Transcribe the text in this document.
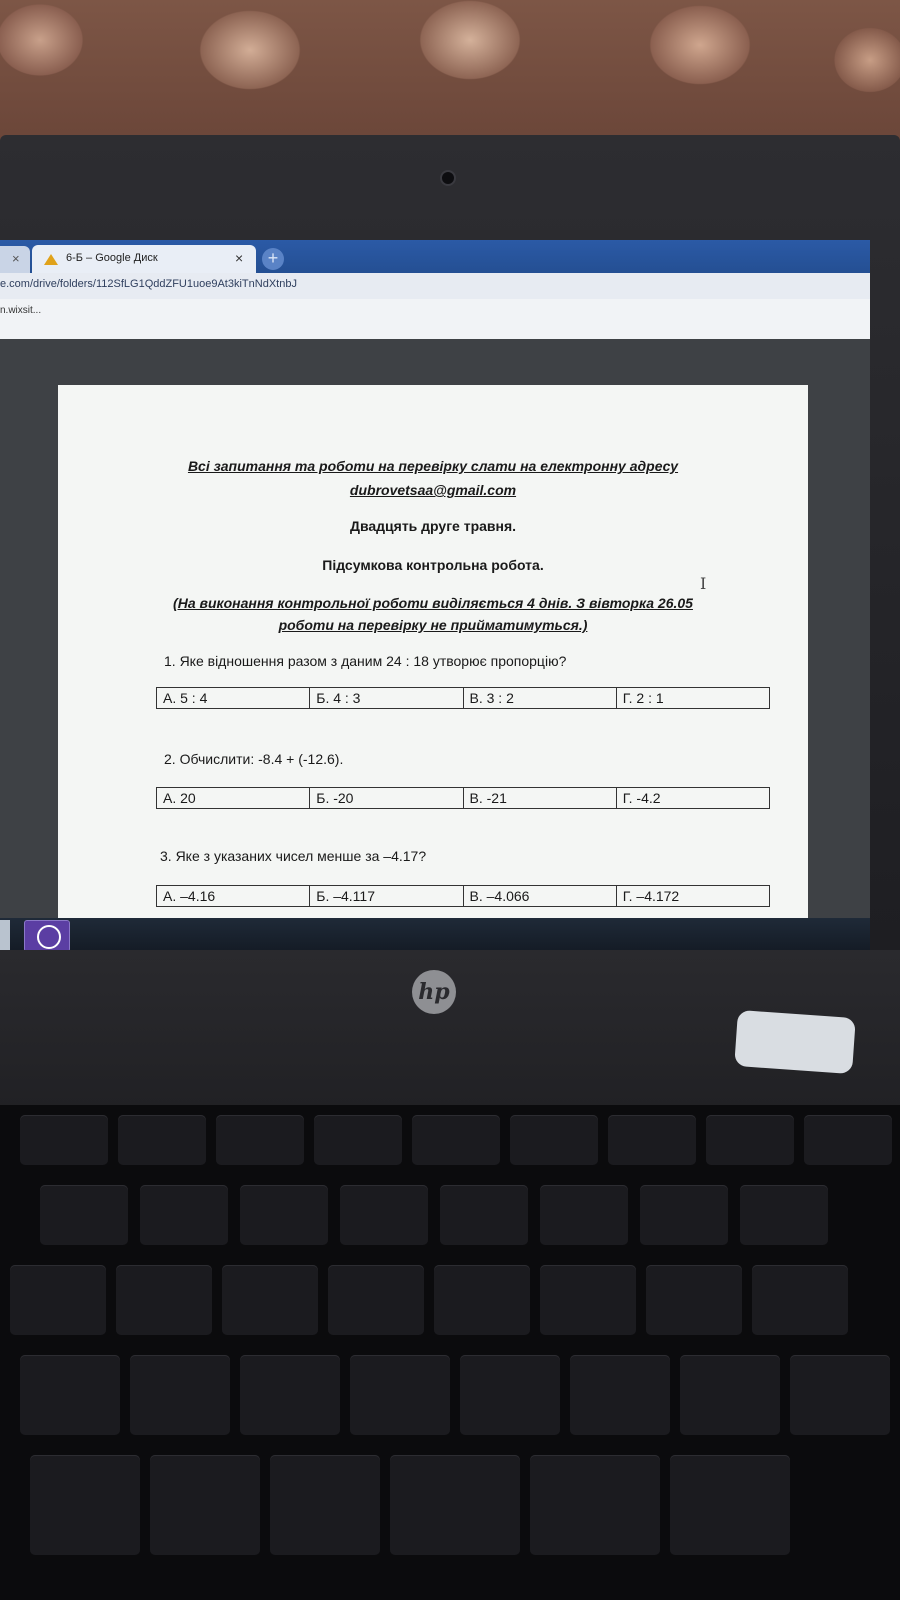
×	6-Б – Google Диск	×	+
e.com/drive/folders/112SfLG1QddZFU1uoe9At3kiTnNdXtnbJ
n.wixsit...
Всі запитання та роботи на перевірку слати на електронну адресу
dubrovetsaa@gmail.com
Двадцять друге травня.
Підсумкова контрольна робота.
(На виконання контрольної роботи виділяється 4 днів. З вівторка 26.05
роботи на перевірку не прийматимуться.)
1. Яке відношення разом з даним 24 : 18 утворює пропорцію?
А. 5 : 4	Б. 4 : 3	В. 3 : 2	Г. 2 : 1
2. Обчислити: -8.4 + (-12.6).
А. 20	Б. -20	В. -21	Г. -4.2
3. Яке з указаних чисел менше за –4.17?
А. –4.16	Б. –4.117	В. –4.066	Г. –4.172
I
hp
